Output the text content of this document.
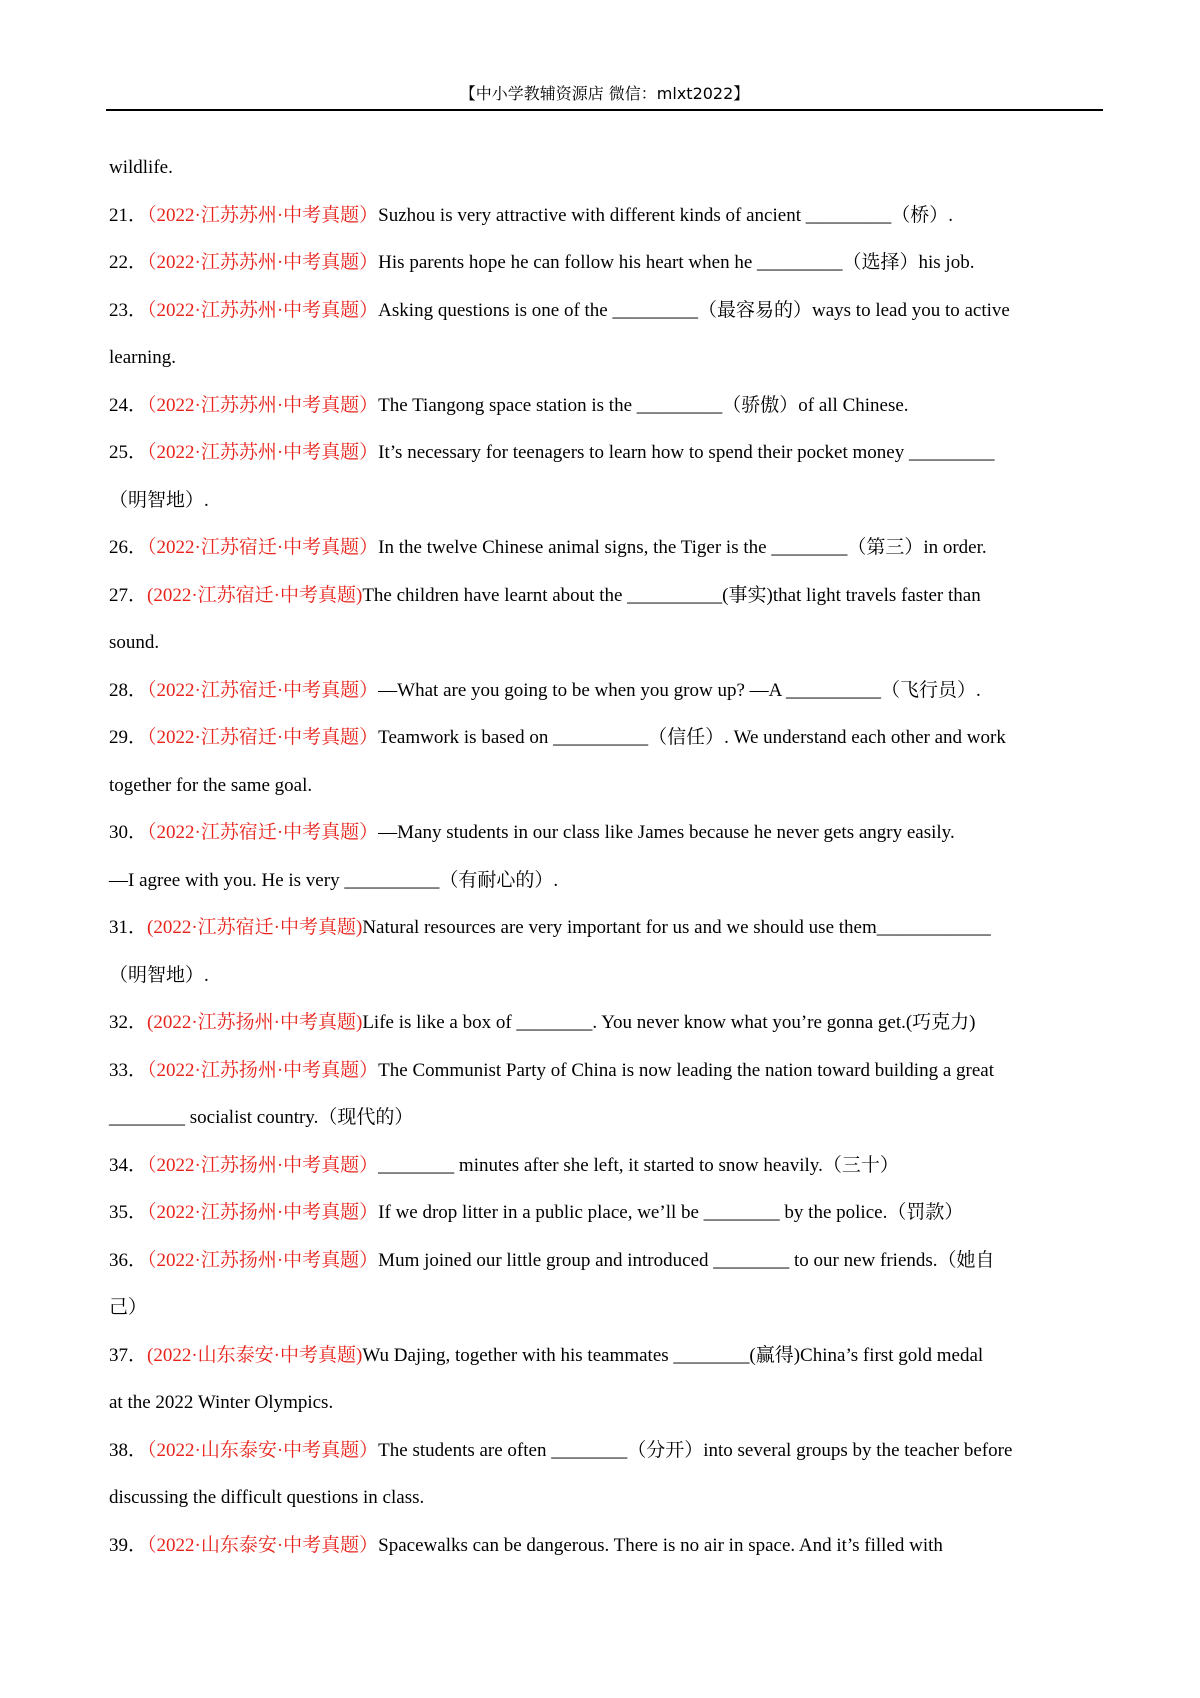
【中小学教辅资源店 微信：mlxt2022】
wildlife.
21．（2022·江苏苏州·中考真题）Suzhou is very attractive with different kinds of ancient _________（桥）.
22．（2022·江苏苏州·中考真题）His parents hope he can follow his heart when he _________（选择）his job.
23．（2022·江苏苏州·中考真题）Asking questions is one of the _________（最容易的）ways to lead you to active
learning.
24．（2022·江苏苏州·中考真题）The Tiangong space station is the _________（骄傲）of all Chinese.
25．（2022·江苏苏州·中考真题）It’s necessary for teenagers to learn how to spend their pocket money _________
（明智地）.
26．（2022·江苏宿迁·中考真题）In the twelve Chinese animal signs, the Tiger is the ________（第三）in order.
27．(2022·江苏宿迁·中考真题)The children have learnt about the __________(事实)that light travels faster than
sound.
28．（2022·江苏宿迁·中考真题）—What are you going to be when you grow up? —A __________（飞行员）.
29．（2022·江苏宿迁·中考真题）Teamwork is based on __________（信任）. We understand each other and work
together for the same goal.
30．（2022·江苏宿迁·中考真题）—Many students in our class like James because he never gets angry easily.
—I agree with you. He is very __________（有耐心的）.
31．(2022·江苏宿迁·中考真题)Natural resources are very important for us and we should use them____________
（明智地）.
32．(2022·江苏扬州·中考真题)Life is like a box of ________. You never know what you’re gonna get.(巧克力)
33．（2022·江苏扬州·中考真题）The Communist Party of China is now leading the nation toward building a great
________ socialist country.（现代的）
34．（2022·江苏扬州·中考真题）________ minutes after she left, it started to snow heavily.（三十）
35．（2022·江苏扬州·中考真题）If we drop litter in a public place, we’ll be ________ by the police.（罚款）
36．（2022·江苏扬州·中考真题）Mum joined our little group and introduced ________ to our new friends.（她自
己）
37．(2022·山东泰安·中考真题)Wu Dajing, together with his teammates ________(赢得)China’s first gold medal
at the 2022 Winter Olympics.
38．（2022·山东泰安·中考真题）The students are often ________（分开）into several groups by the teacher before
discussing the difficult questions in class.
39．（2022·山东泰安·中考真题）Spacewalks can be dangerous. There is no air in space. And it’s filled with
